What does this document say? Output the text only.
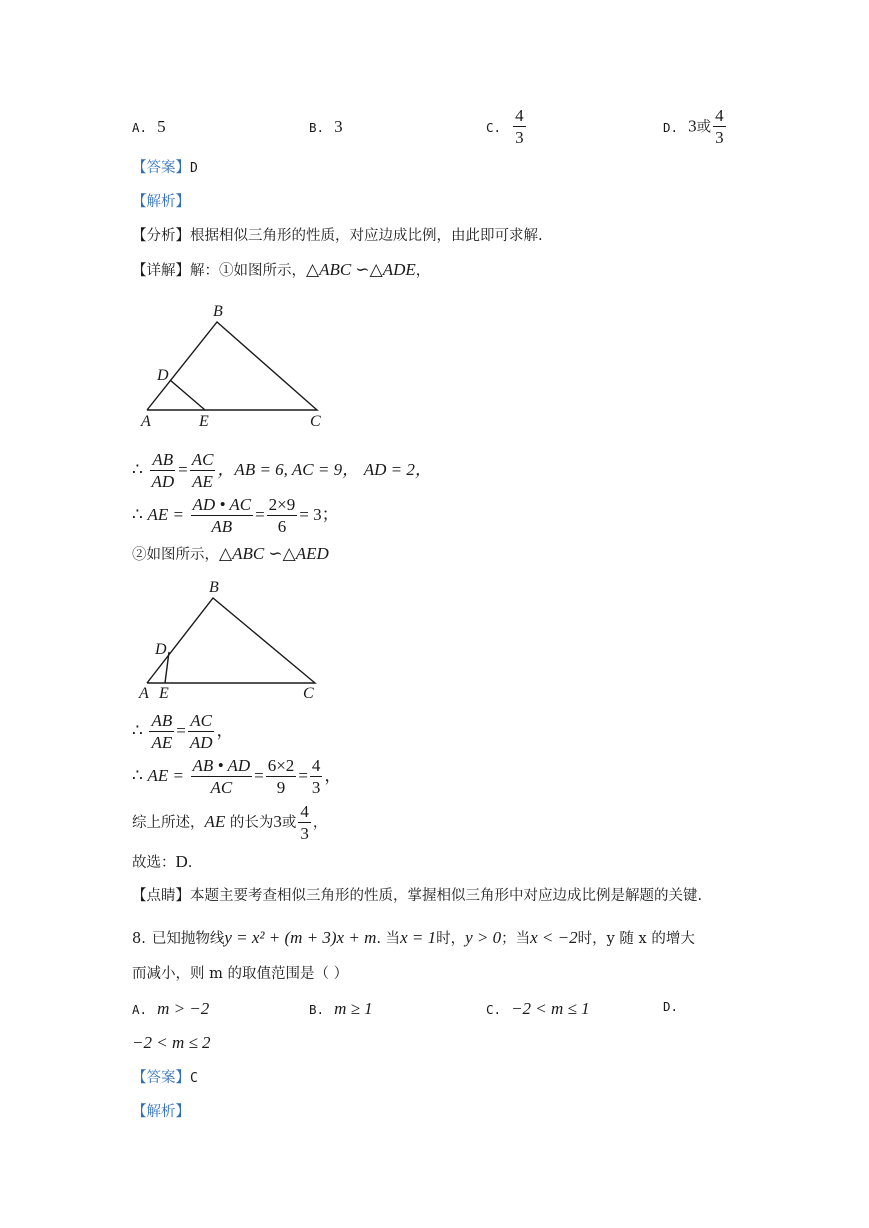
A. 5	B. 3	C. $\frac{4}{3}$	D. 3或 $\frac{4}{3}$
【答案】D
【解析】
【分析】根据相似三角形的性质，对应边成比例，由此即可求解.
【详解】解：①如图所示，△ABC ∽△ADE，
B
D
A	E	C
∴ $\frac{AB}{AD} = \frac{AC}{AE}$ ，AB = 6, AC = 9， AD = 2，
∴ AE = $\frac{AD • AC}{AB} = \frac{2\times 9}{6} = 3$；
②如图所示，△ABC ∽△AED
B
D
A E	C
∴ $\frac{AB}{AE} = \frac{AC}{AD}$ ，
∴ AE = $\frac{AB • AD}{AC} = \frac{6\times 2}{9} = \frac{4}{3}$ ，
综上所述，AE 的长为3或 $\frac{4}{3}$ ，
故选：D.
【点睛】本题主要考查相似三角形的性质，掌握相似三角形中对应边成比例是解题的关键.
8. 已知抛物线y = x² + (m + 3)x + m. 当x = 1时，y > 0；当x < −2时，y 随 x 的增大
而减小，则 m 的取值范围是（ ）
A. m > −2	B. m ≥ 1	C. −2 < m ≤ 1	D.
−2 < m ≤ 2
【答案】C
【解析】
